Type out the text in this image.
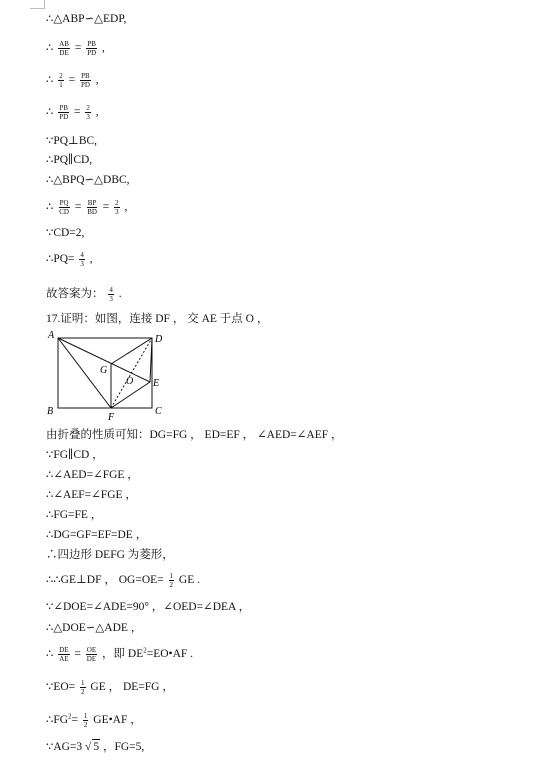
∴△ABP∽△EDP,
∴ $\frac{AB}{DE} = \frac{PB}{PD}$ ,
∴ $\frac{2}{1} = \frac{PB}{PD}$ ,
∴ $\frac{PB}{PD} = \frac{2}{3}$ ,
∵PQ⊥BC,
∴PQ∥CD,
∴△BPQ∽△DBC,
∴ $\frac{PQ}{CD} = \frac{BP}{BD} = \frac{2}{3}$ ,
∵CD=2,
∴PQ= $\frac{4}{3}$ ,
故答案为： $\frac{4}{3}$ .
17.证明：如图，连接 DF ， 交 AE 于点 O ，
A
B	C
D
E
F
G
O
由折叠的性质可知：DG=FG ， ED=EF ， ∠AED=∠AEF ，
∵FG∥CD ，
∴∠AED=∠FGE ，
∴∠AEF=∠FGE ，
∴FG=FE ，
∴DG=GF=EF=DE ，
∴四边形 DEFG 为菱形，
∴∴GE⊥DF ， $OG=OE= \frac{1}{2}$ GE .
∵∠DOE=∠ADE=90° ，∠OED=∠DEA ，
∴△DOE∽△ADE ，
∴ $\frac{DE}{AE} = \frac{OE}{DE}$ ，即 $DE^2=EO•AF$ .
∵EO= $\frac{1}{2}$ GE ， DE=FG ，
$\therefore FG^2= \frac{1}{2}$ GE•AF ，
∵AG=3 √ 5 ，FG=5,
